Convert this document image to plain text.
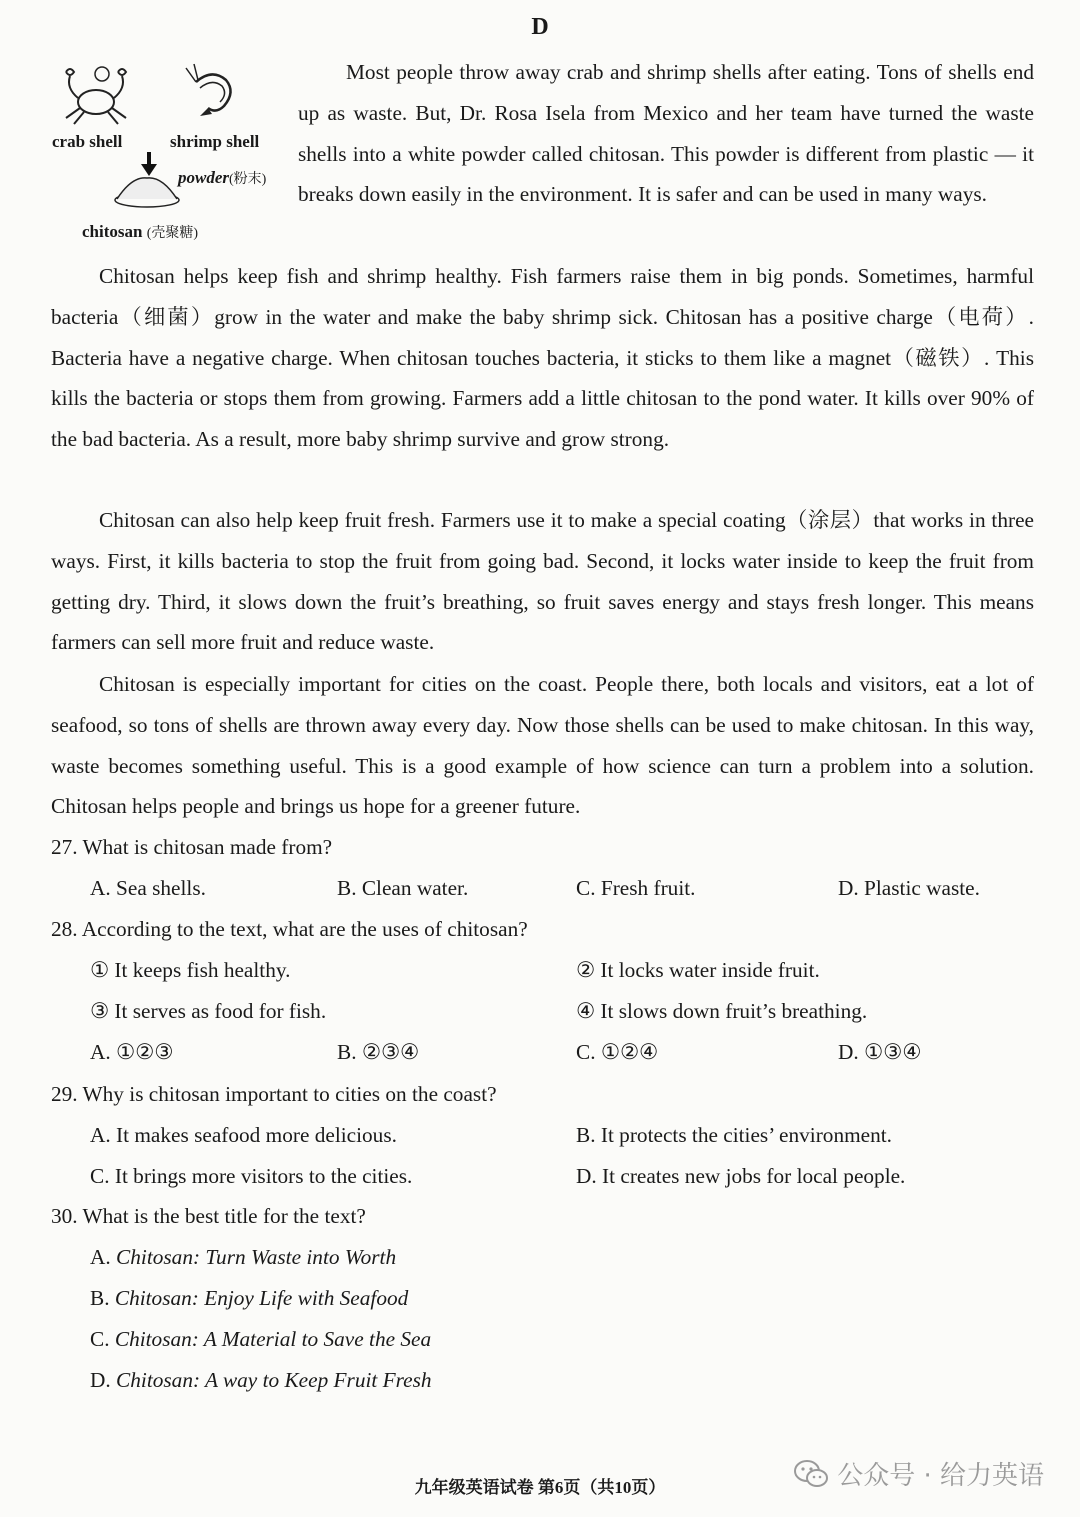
D
crab shell	shrimp shell
powder(粉末)
chitosan (壳聚糖)

Most people throw away crab and shrimp shells after eating. Tons of shells end up as waste. But, Dr. Rosa Isela from Mexico and her team have turned the waste shells into a white powder called chitosan. This powder is different from plastic — it breaks down easily in the environment. It is safer and can be used in many ways.

Chitosan helps keep fish and shrimp healthy. Fish farmers raise them in big ponds. Sometimes, harmful bacteria（细菌）grow in the water and make the baby shrimp sick. Chitosan has a positive charge（电荷）. Bacteria have a negative charge. When chitosan touches bacteria, it sticks to them like a magnet（磁铁）. This kills the bacteria or stops them from growing. Farmers add a little chitosan to the pond water. It kills over 90% of the bad bacteria. As a result, more baby shrimp survive and grow strong.

Chitosan can also help keep fruit fresh. Farmers use it to make a special coating（涂层）that works in three ways. First, it kills bacteria to stop the fruit from going bad. Second, it locks water inside to keep the fruit from getting dry. Third, it slows down the fruit’s breathing, so fruit saves energy and stays fresh longer. This means farmers can sell more fruit and reduce waste.

Chitosan is especially important for cities on the coast. People there, both locals and visitors, eat a lot of seafood, so tons of shells are thrown away every day. Now those shells can be used to make chitosan. In this way, waste becomes something useful. This is a good example of how science can turn a problem into a solution. Chitosan helps people and brings us hope for a greener future.

27. What is chitosan made from?
A. Sea shells.	B. Clean water.	C. Fresh fruit.	D. Plastic waste.
28. According to the text, what are the uses of chitosan?
① It keeps fish healthy.	② It locks water inside fruit.
③ It serves as food for fish.	④ It slows down fruit’s breathing.
A. ①②③	B. ②③④	C. ①②④	D. ①③④
29. Why is chitosan important to cities on the coast?
A. It makes seafood more delicious.	B. It protects the cities’ environment.
C. It brings more visitors to the cities.	D. It creates new jobs for local people.
30. What is the best title for the text?
A. Chitosan: Turn Waste into Worth
B. Chitosan: Enjoy Life with Seafood
C. Chitosan: A Material to Save the Sea
D. Chitosan: A way to Keep Fruit Fresh
九年级英语试卷 第6页（共10页）	公众号 · 给力英语
